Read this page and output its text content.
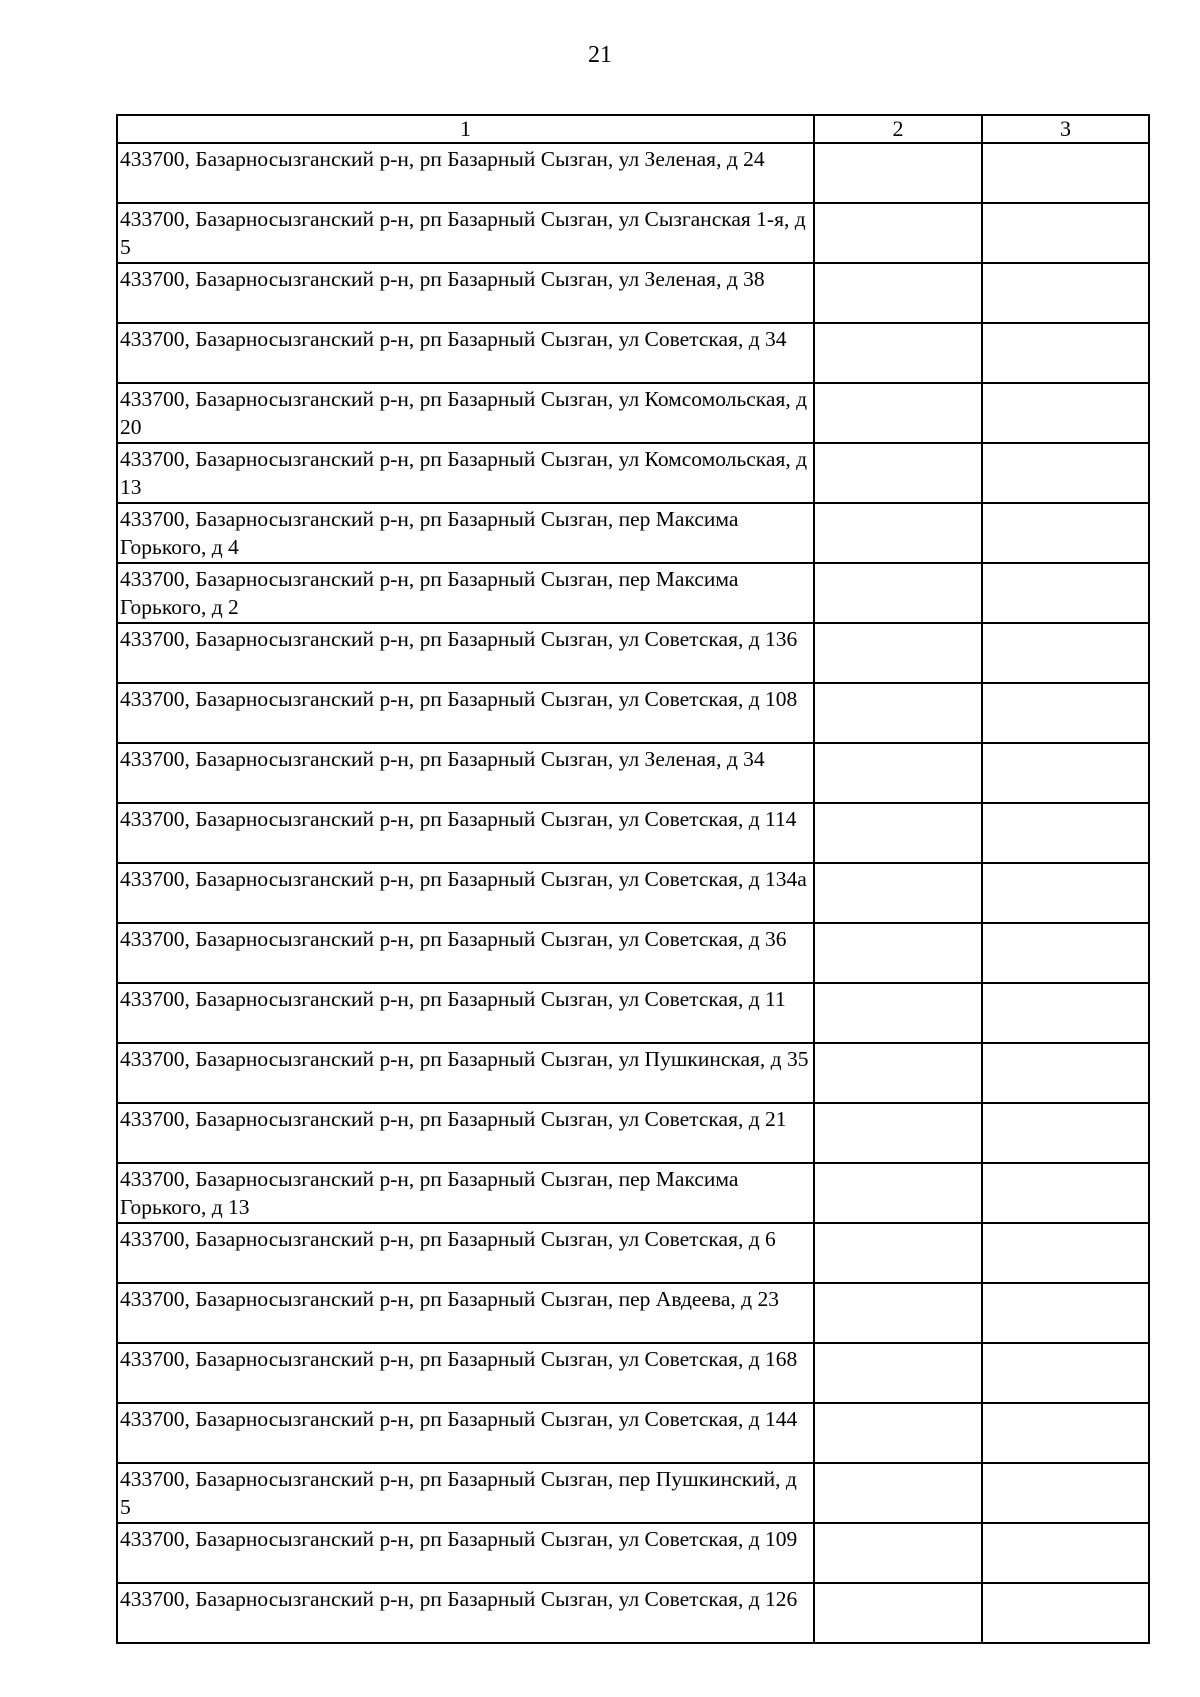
21
1	2	3
433700, Базарносызганский р-н, рп Базарный Сызган, ул Зеленая, д 24		
433700, Базарносызганский р-н, рп Базарный Сызган, ул Сызганская 1-я, д 5		
433700, Базарносызганский р-н, рп Базарный Сызган, ул Зеленая, д 38		
433700, Базарносызганский р-н, рп Базарный Сызган, ул Советская, д 34		
433700, Базарносызганский р-н, рп Базарный Сызган, ул Комсомольская, д 20		
433700, Базарносызганский р-н, рп Базарный Сызган, ул Комсомольская, д 13		
433700, Базарносызганский р-н, рп Базарный Сызган, пер Максима Горького, д 4		
433700, Базарносызганский р-н, рп Базарный Сызган, пер Максима Горького, д 2		
433700, Базарносызганский р-н, рп Базарный Сызган, ул Советская, д 136		
433700, Базарносызганский р-н, рп Базарный Сызган, ул Советская, д 108		
433700, Базарносызганский р-н, рп Базарный Сызган, ул Зеленая, д 34		
433700, Базарносызганский р-н, рп Базарный Сызган, ул Советская, д 114		
433700, Базарносызганский р-н, рп Базарный Сызган, ул Советская, д 134а		
433700, Базарносызганский р-н, рп Базарный Сызган, ул Советская, д 36		
433700, Базарносызганский р-н, рп Базарный Сызган, ул Советская, д 11		
433700, Базарносызганский р-н, рп Базарный Сызган, ул Пушкинская, д 35		
433700, Базарносызганский р-н, рп Базарный Сызган, ул Советская, д 21		
433700, Базарносызганский р-н, рп Базарный Сызган, пер Максима Горького, д 13		
433700, Базарносызганский р-н, рп Базарный Сызган, ул Советская, д 6		
433700, Базарносызганский р-н, рп Базарный Сызган, пер Авдеева, д 23		
433700, Базарносызганский р-н, рп Базарный Сызган, ул Советская, д 168		
433700, Базарносызганский р-н, рп Базарный Сызган, ул Советская, д 144		
433700, Базарносызганский р-н, рп Базарный Сызган, пер Пушкинский, д 5		
433700, Базарносызганский р-н, рп Базарный Сызган, ул Советская, д 109		
433700, Базарносызганский р-н, рп Базарный Сызган, ул Советская, д 126		
